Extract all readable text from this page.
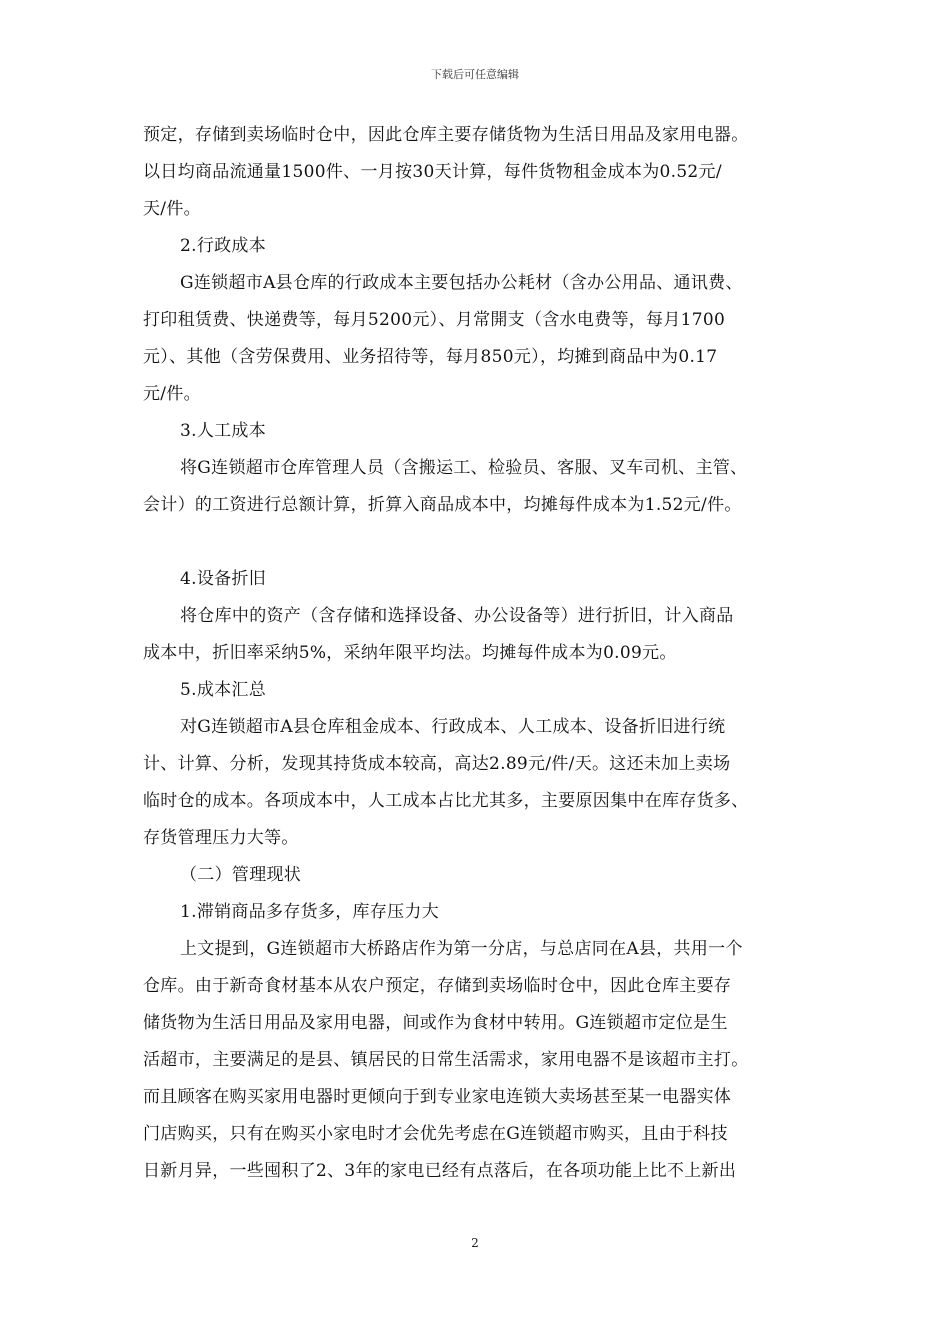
下载后可任意编辑
预定，存储到卖场临时仓中，因此仓库主要存储货物为生活日用品及家用电器。
以日均商品流通量1500件、一月按30天计算，每件货物租金成本为0.52元/
天/件。
2.行政成本
G连锁超市A县仓库的行政成本主要包括办公耗材（含办公用品、通讯费、
打印租赁费、快递费等，每月5200元）、月常開支（含水电费等，每月1700
元）、其他（含劳保费用、业务招待等，每月850元），均摊到商品中为0.17
元/件。
3.人工成本
将G连锁超市仓库管理人员（含搬运工、检验员、客服、叉车司机、主管、
会计）的工资进行总额计算，折算入商品成本中，均摊每件成本为1.52元/件。
4.设备折旧
将仓库中的资产（含存储和选择设备、办公设备等）进行折旧，计入商品
成本中，折旧率采纳5%，采纳年限平均法。均摊每件成本为0.09元。
5.成本汇总
对G连锁超市A县仓库租金成本、行政成本、人工成本、设备折旧进行统
计、计算、分析，发现其持货成本较高，高达2.89元/件/天。这还未加上卖场
临时仓的成本。各项成本中，人工成本占比尤其多，主要原因集中在库存货多、
存货管理压力大等。
（二）管理现状
1.滞销商品多存货多，库存压力大
上文提到，G连锁超市大桥路店作为第一分店，与总店同在A县，共用一个
仓库。由于新奇食材基本从农户预定，存储到卖场临时仓中，因此仓库主要存
储货物为生活日用品及家用电器，间或作为食材中转用。G连锁超市定位是生
活超市，主要满足的是县、镇居民的日常生活需求，家用电器不是该超市主打。
而且顾客在购买家用电器时更倾向于到专业家电连锁大卖场甚至某一电器实体
门店购买，只有在购买小家电时才会优先考虑在G连锁超市购买，且由于科技
日新月异，一些囤积了2、3年的家电已经有点落后，在各项功能上比不上新出
2
